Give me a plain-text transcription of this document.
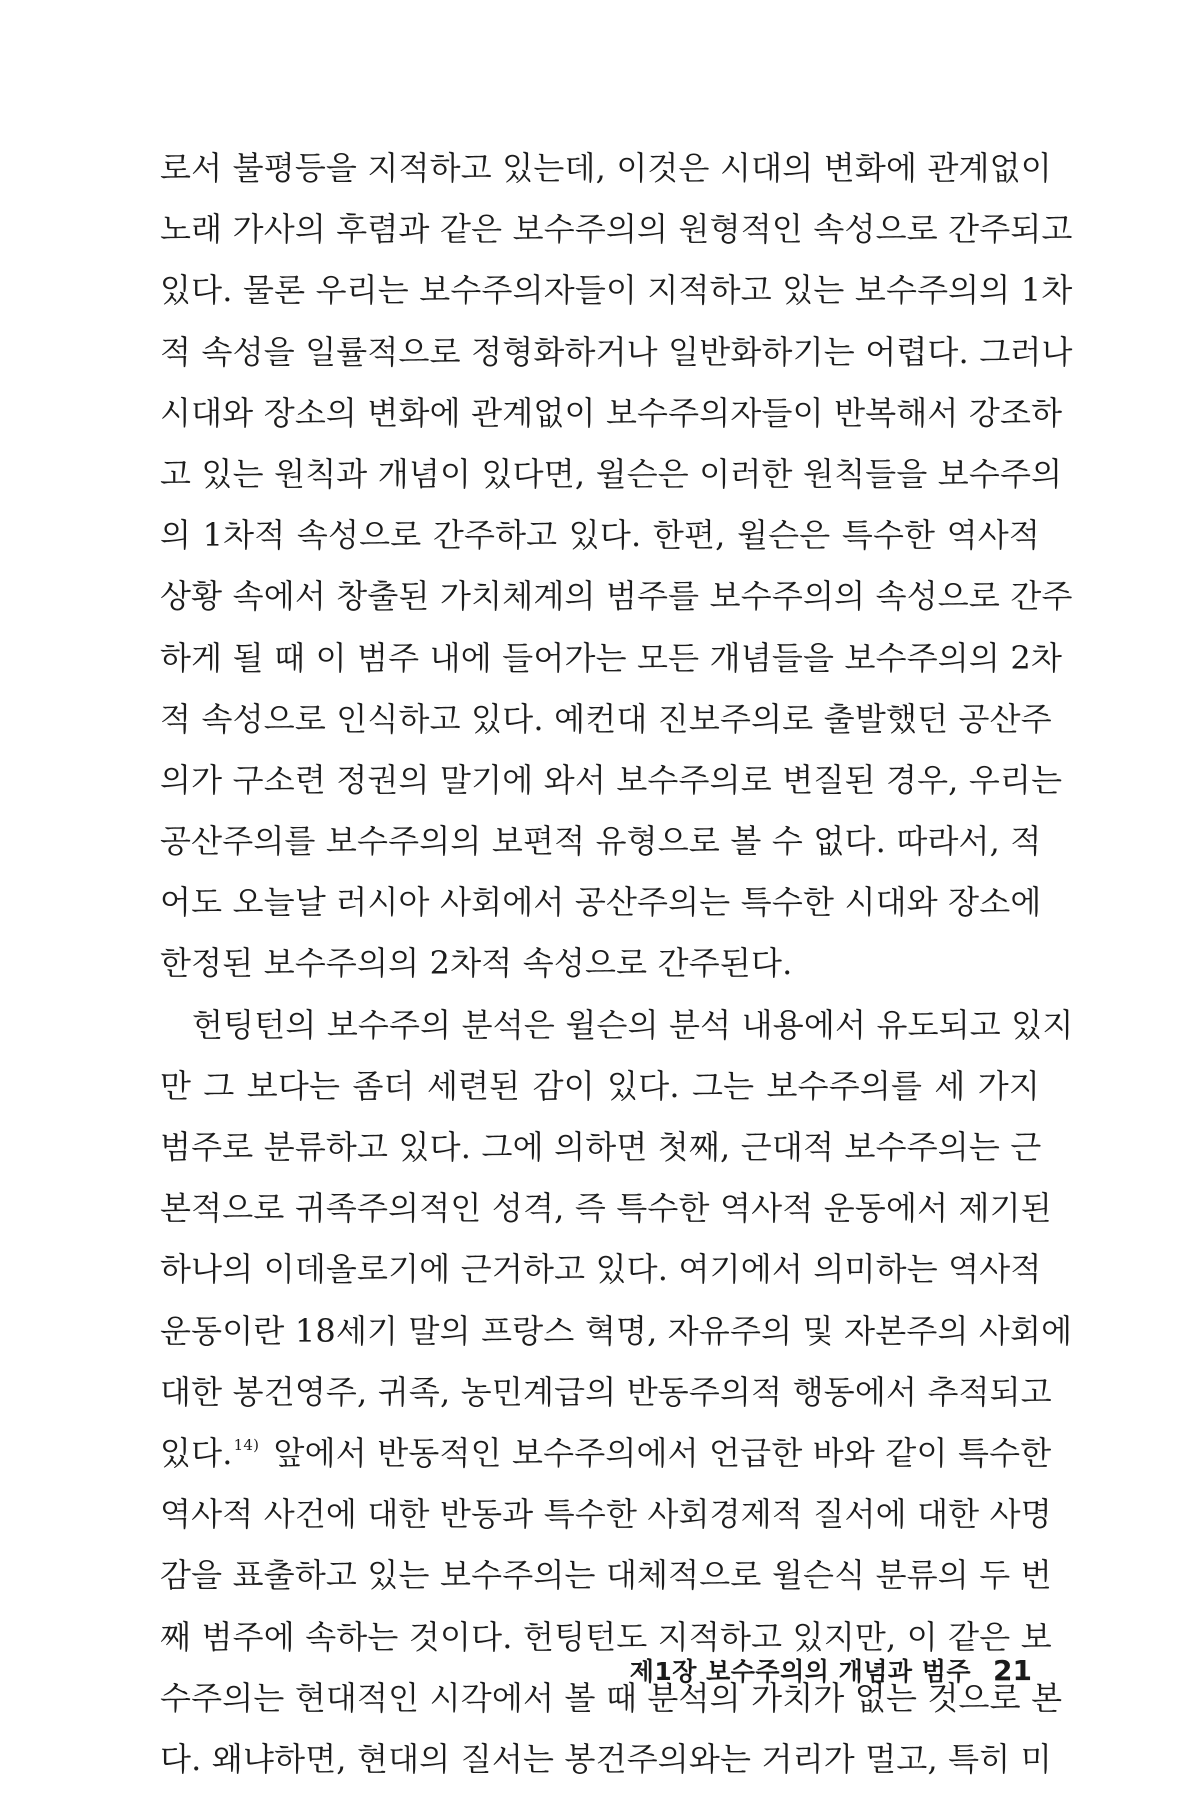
로서 불평등을 지적하고 있는데, 이것은 시대의 변화에 관계없이
노래 가사의 후렴과 같은 보수주의의 원형적인 속성으로 간주되고
있다. 물론 우리는 보수주의자들이 지적하고 있는 보수주의의 1차
적 속성을 일률적으로 정형화하거나 일반화하기는 어렵다. 그러나
시대와 장소의 변화에 관계없이 보수주의자들이 반복해서 강조하
고 있는 원칙과 개념이 있다면, 윌슨은 이러한 원칙들을 보수주의
의 1차적 속성으로 간주하고 있다. 한편, 윌슨은 특수한 역사적
상황 속에서 창출된 가치체계의 범주를 보수주의의 속성으로 간주
하게 될 때 이 범주 내에 들어가는 모든 개념들을 보수주의의 2차
적 속성으로 인식하고 있다. 예컨대 진보주의로 출발했던 공산주
의가 구소련 정권의 말기에 와서 보수주의로 변질된 경우, 우리는
공산주의를 보수주의의 보편적 유형으로 볼 수 없다. 따라서, 적
어도 오늘날 러시아 사회에서 공산주의는 특수한 시대와 장소에
한정된 보수주의의 2차적 속성으로 간주된다.
헌팅턴의 보수주의 분석은 윌슨의 분석 내용에서 유도되고 있지
만 그 보다는 좀더 세련된 감이 있다. 그는 보수주의를 세 가지
범주로 분류하고 있다. 그에 의하면 첫째, 근대적 보수주의는 근
본적으로 귀족주의적인 성격, 즉 특수한 역사적 운동에서 제기된
하나의 이데올로기에 근거하고 있다. 여기에서 의미하는 역사적
운동이란 18세기 말의 프랑스 혁명, 자유주의 및 자본주의 사회에
대한 봉건영주, 귀족, 농민계급의 반동주의적 행동에서 추적되고
있다.$^{14)}$ 앞에서 반동적인 보수주의에서 언급한 바와 같이 특수한
역사적 사건에 대한 반동과 특수한 사회경제적 질서에 대한 사명
감을 표출하고 있는 보수주의는 대체적으로 윌슨식 분류의 두 번
째 범주에 속하는 것이다. 헌팅턴도 지적하고 있지만, 이 같은 보
수주의는 현대적인 시각에서 볼 때 분석의 가치가 없는 것으로 본
다. 왜냐하면, 현대의 질서는 봉건주의와는 거리가 멀고, 특히 미
제1장 보수주의의 개념과 범주 21
